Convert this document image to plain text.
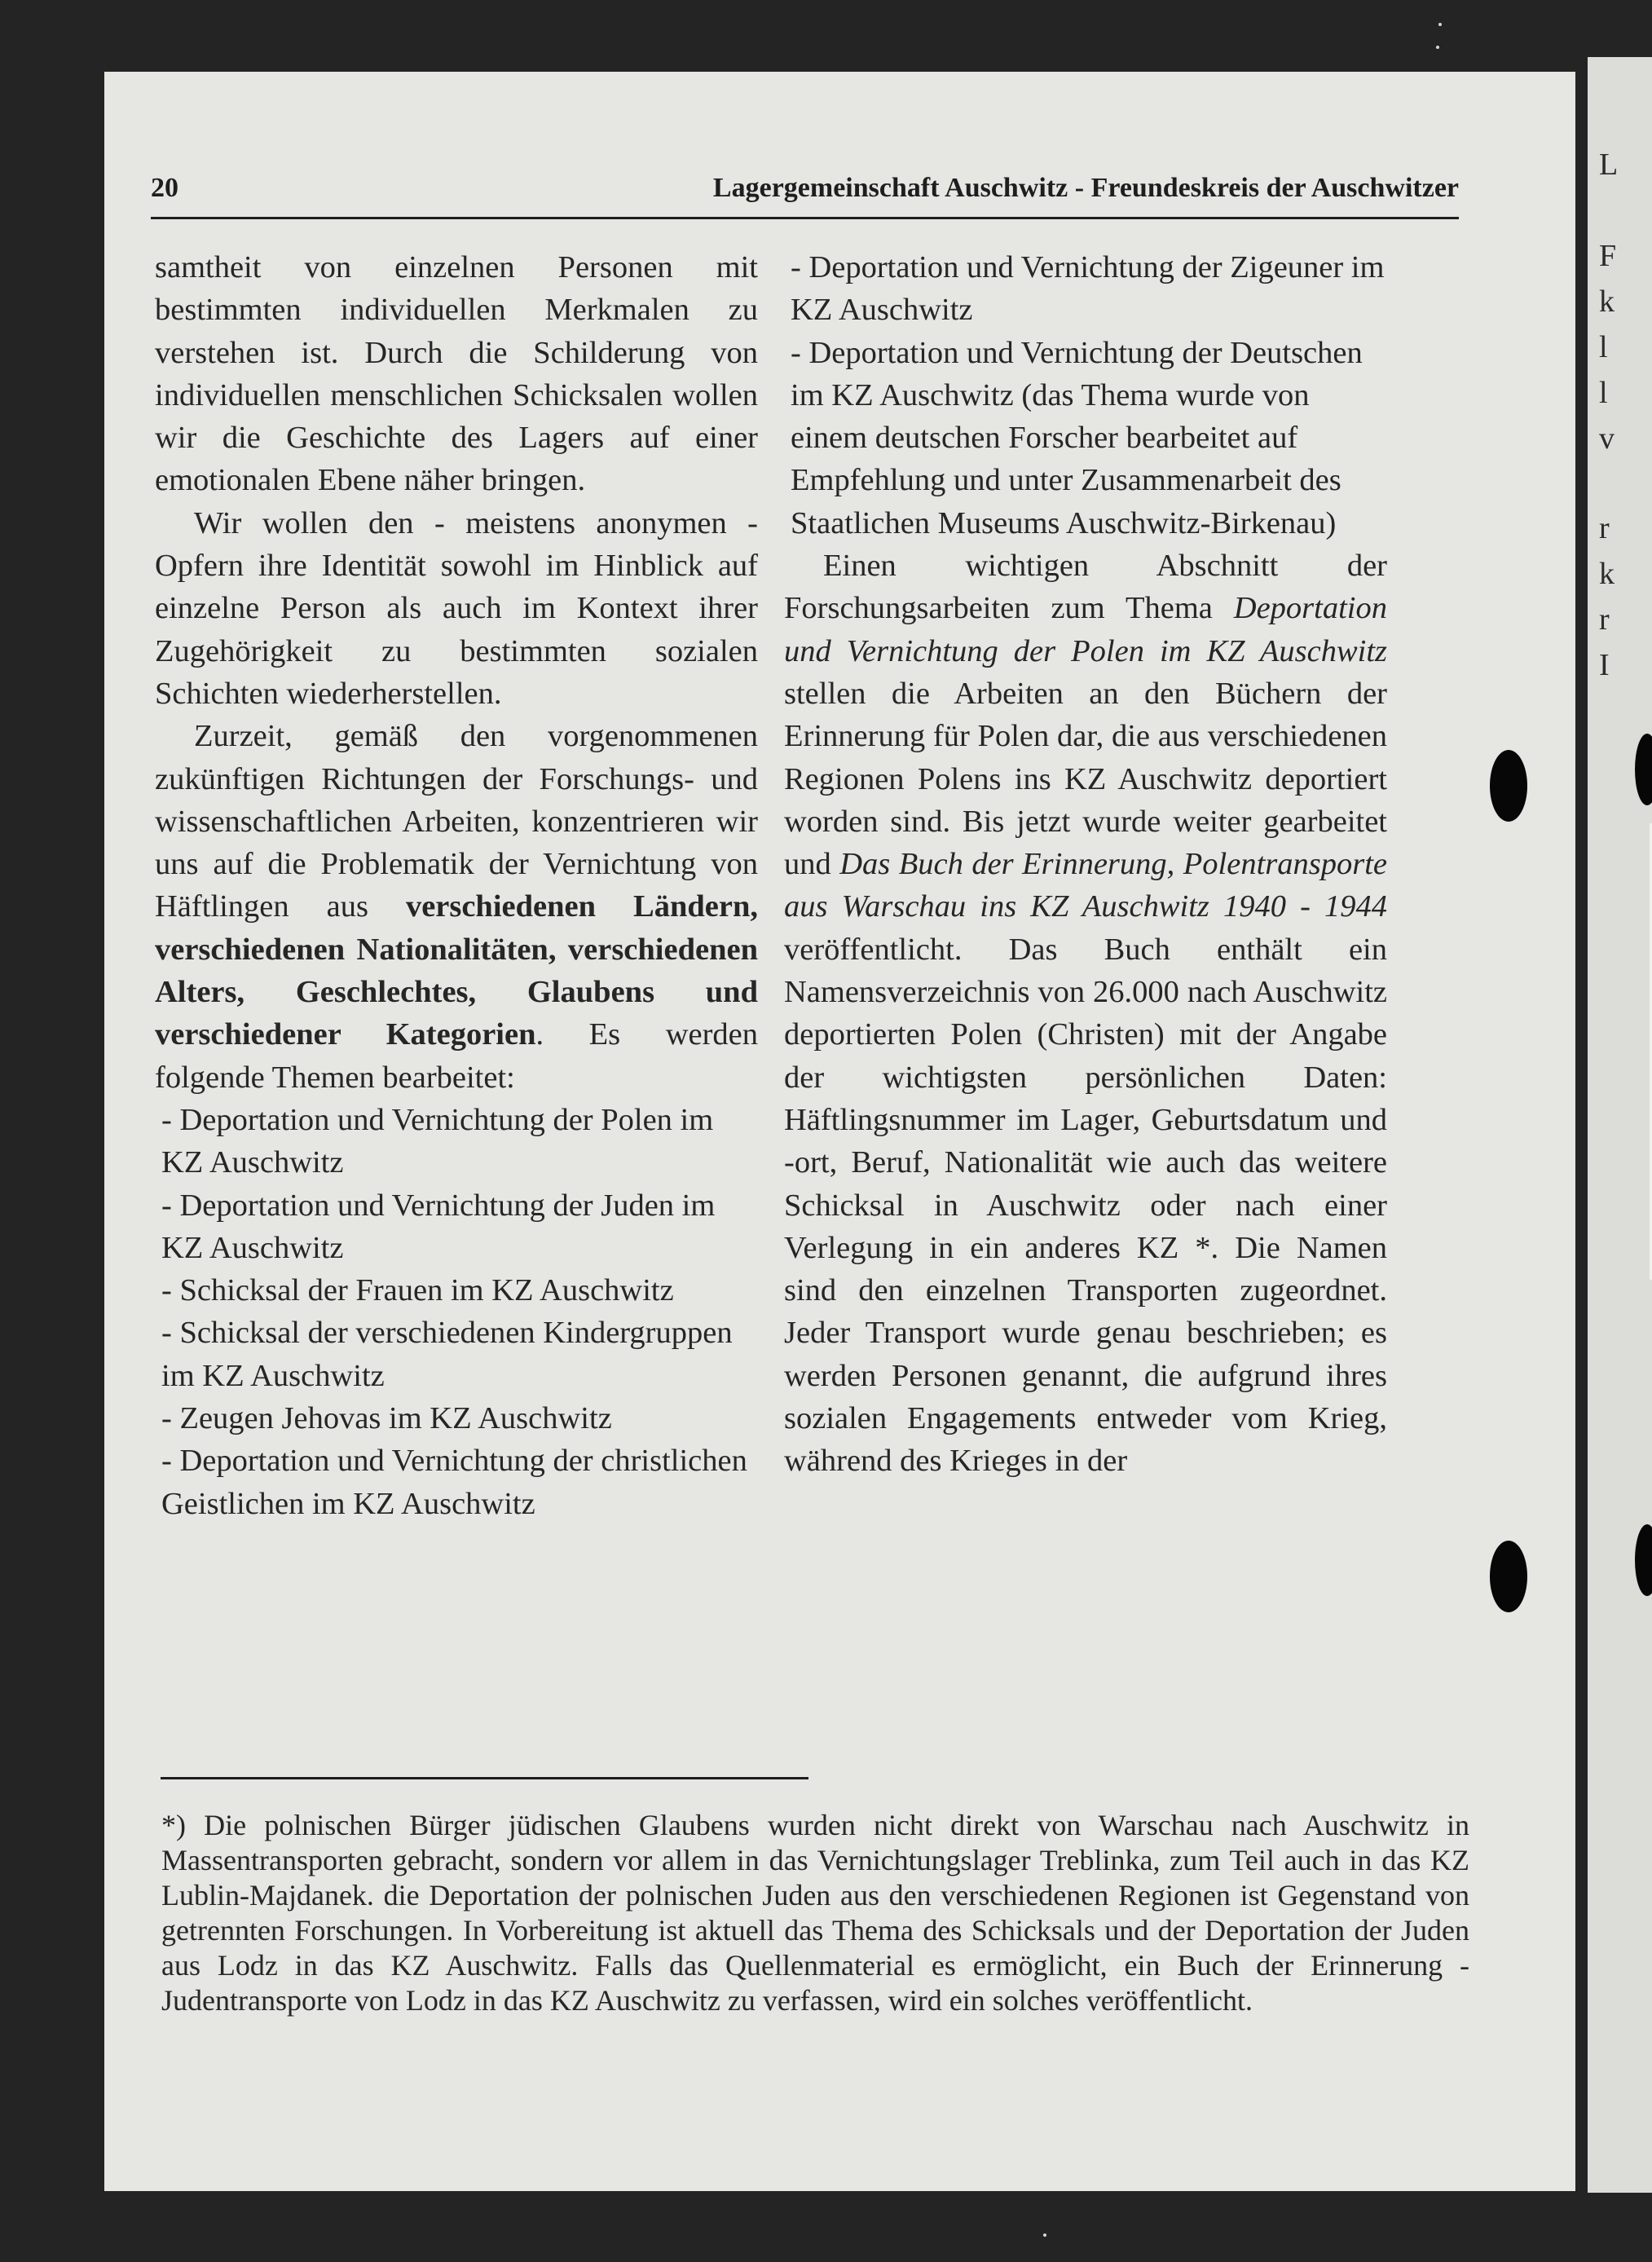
L
F
k
l
l
v
r
k
r
I
20	Lagergemeinschaft Auschwitz - Freundeskreis der Auschwitzer

samtheit von einzelnen Personen mit bestimmten individuellen Merkmalen zu verstehen ist. Durch die Schilderung von individuellen menschlichen Schicksalen wollen wir die Geschichte des Lagers auf einer emotionalen Ebene näher bringen.

Wir wollen den - meistens anonymen - Opfern ihre Identität sowohl im Hinblick auf einzelne Person als auch im Kontext ihrer Zugehörigkeit zu bestimmten sozialen Schichten wiederherstellen.

Zurzeit, gemäß den vorgenommenen zukünftigen Richtungen der Forschungs- und wissenschaftlichen Arbeiten, konzentrieren wir uns auf die Problematik der Vernichtung von Häftlingen aus verschiedenen Ländern, verschiedenen Nationalitäten, verschiedenen Alters, Geschlechtes, Glaubens und verschiedener Kategorien. Es werden folgende Themen bearbeitet:

- Deportation und Vernichtung der Polen im KZ Auschwitz

- Deportation und Vernichtung der Juden im KZ Auschwitz

- Schicksal der Frauen im KZ Auschwitz

- Schicksal der verschiedenen Kindergruppen im KZ Auschwitz

- Zeugen Jehovas im KZ Auschwitz

- Deportation und Vernichtung der christlichen Geistlichen im KZ Auschwitz

- Deportation und Vernichtung der Zigeuner im KZ Auschwitz

- Deportation und Vernichtung der Deutschen im KZ Auschwitz (das Thema wurde von einem deutschen Forscher bearbeitet auf Empfehlung und unter Zusammenarbeit des Staatlichen Museums Auschwitz-Birkenau)

Einen wichtigen Abschnitt der Forschungsarbeiten zum Thema Deportation und Vernichtung der Polen im KZ Auschwitz stellen die Arbeiten an den Büchern der Erinnerung für Polen dar, die aus verschiedenen Regionen Polens ins KZ Auschwitz deportiert worden sind. Bis jetzt wurde weiter gearbeitet und Das Buch der Erinnerung, Polentransporte aus Warschau ins KZ Auschwitz 1940 - 1944 veröffentlicht. Das Buch enthält ein Namensverzeichnis von 26.000 nach Auschwitz deportierten Polen (Christen) mit der Angabe der wichtigsten persönlichen Daten: Häftlingsnummer im Lager, Geburtsdatum und -ort, Beruf, Nationalität wie auch das weitere Schicksal in Auschwitz oder nach einer Verlegung in ein anderes KZ *. Die Namen sind den einzelnen Transporten zugeordnet. Jeder Transport wurde genau beschrieben; es werden Personen genannt, die aufgrund ihres sozialen Engagements entweder vom Krieg, während des Krieges in der

*) Die polnischen Bürger jüdischen Glaubens wurden nicht direkt von Warschau nach Auschwitz in Massentransporten gebracht, sondern vor allem in das Vernichtungslager Treblinka, zum Teil auch in das KZ Lublin-Majdanek. die Deportation der polnischen Juden aus den verschiedenen Regionen ist Gegenstand von getrennten Forschungen. In Vorbereitung ist aktuell das Thema des Schicksals und der Deportation der Juden aus Lodz in das KZ Auschwitz. Falls das Quellenmaterial es ermöglicht, ein Buch der Erinnerung - Judentransporte von Lodz in das KZ Auschwitz zu verfassen, wird ein solches veröffentlicht.
